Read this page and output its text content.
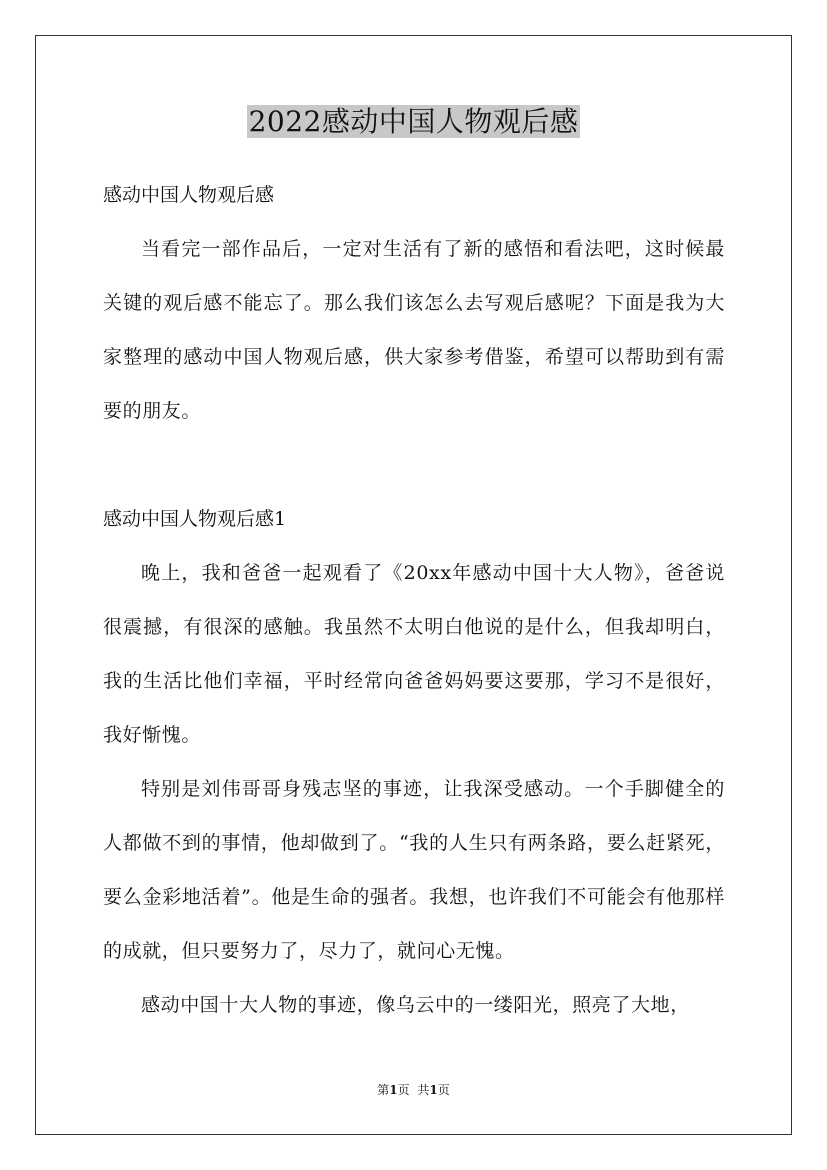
2022感动中国人物观后感

感动中国人物观后感

当看完一部作品后，一定对生活有了新的感悟和看法吧，这时候最关键的观后感不能忘了。那么我们该怎么去写观后感呢？下面是我为大家整理的感动中国人物观后感，供大家参考借鉴，希望可以帮助到有需要的朋友。

感动中国人物观后感1

晚上，我和爸爸一起观看了《20xx年感动中国十大人物》，爸爸说很震撼，有很深的感触。我虽然不太明白他说的是什么，但我却明白，我的生活比他们幸福，平时经常向爸爸妈妈要这要那，学习不是很好，我好惭愧。

特别是刘伟哥哥身残志坚的事迹，让我深受感动。一个手脚健全的人都做不到的事情，他却做到了。“我的人生只有两条路，要么赶紧死，要么金彩地活着”。他是生命的强者。我想，也许我们不可能会有他那样的成就，但只要努力了，尽力了，就问心无愧。

感动中国十大人物的事迹，像乌云中的一缕阳光，照亮了大地，

第1页 共1页
